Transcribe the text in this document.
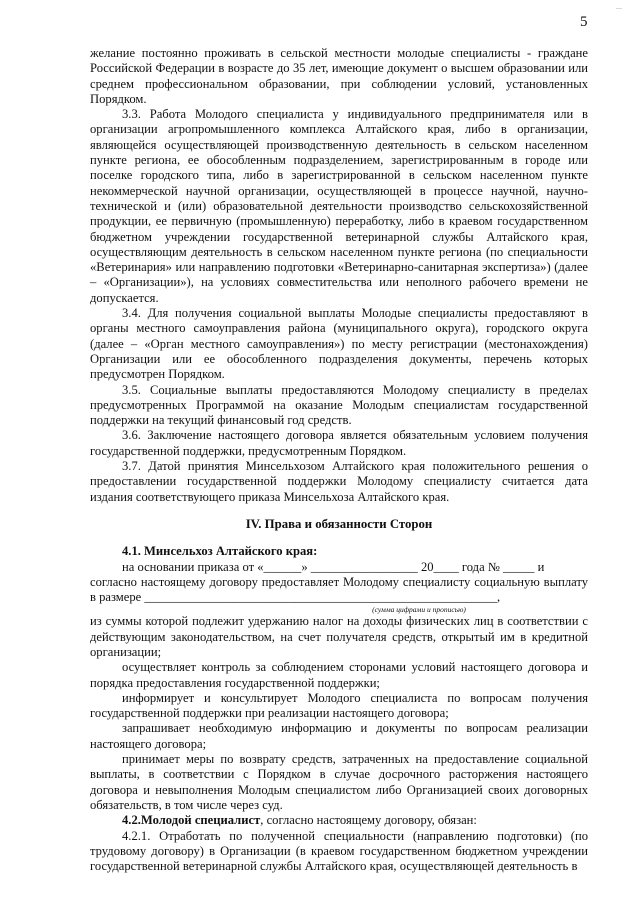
---
5

желание постоянно проживать в сельской местности молодые специалисты - граждане Российской Федерации в возрасте до 35 лет, имеющие документ о высшем образовании или среднем профессиональном образовании, при соблюдении условий, установленных Порядком.

3.3. Работа Молодого специалиста у индивидуального предпринимателя или в организации агропромышленного комплекса Алтайского края, либо в организации, являющейся осуществляющей производственную деятельность в сельском населенном пункте региона, ее обособленным подразделением, зарегистрированным в городе или поселке городского типа, либо в зарегистрированной в сельском населенном пункте некоммерческой научной организации, осуществляющей в процессе научной, научно-технической и (или) образовательной деятельности производство сельскохозяйственной продукции, ее первичную (промышленную) переработку, либо в краевом государственном бюджетном учреждении государственной ветеринарной службы Алтайского края, осуществляющим деятельность в сельском населенном пункте региона (по специальности «Ветеринария» или направлению подготовки «Ветеринарно-санитарная экспертиза») (далее – «Организации»), на условиях совместительства или неполного рабочего времени не допускается.

3.4. Для получения социальной выплаты Молодые специалисты предоставляют в органы местного самоуправления района (муниципального округа), городского округа (далее – «Орган местного самоуправления») по месту регистрации (местонахождения) Организации или ее обособленного подразделения документы, перечень которых предусмотрен Порядком.

3.5. Социальные выплаты предоставляются Молодому специалисту в пределах предусмотренных Программой на оказание Молодым специалистам государственной поддержки на текущий финансовый год средств.

3.6. Заключение настоящего договора является обязательным условием получения государственной поддержки, предусмотренным Порядком.

3.7. Датой принятия Минсельхозом Алтайского края положительного решения о предоставлении государственной поддержки Молодому специалисту считается дата издания соответствующего приказа Минсельхоза Алтайского края.

IV. Права и обязанности Сторон

4.1. Минсельхоз Алтайского края:

на основании приказа от «______» _________________ 20____ года № _____ и

согласно настоящему договору предоставляет Молодому специалисту социальную выплату в размере ________________________________________________________,

(сумма цифрами и прописью)

из суммы которой подлежит удержанию налог на доходы физических лиц в соответствии с действующим законодательством, на счет получателя средств, открытый им в кредитной организации;

осуществляет контроль за соблюдением сторонами условий настоящего договора и порядка предоставления государственной поддержки;

информирует и консультирует Молодого специалиста по вопросам получения государственной поддержки при реализации настоящего договора;

запрашивает необходимую информацию и документы по вопросам реализации настоящего договора;

принимает меры по возврату средств, затраченных на предоставление социальной выплаты, в соответствии с Порядком в случае досрочного расторжения настоящего договора и невыполнения Молодым специалистом либо Организацией своих договорных обязательств, в том числе через суд.

4.2.Молодой специалист, согласно настоящему договору, обязан:

4.2.1. Отработать по полученной специальности (направлению подготовки) (по трудовому договору) в Организации (в краевом государственном бюджетном учреждении государственной ветеринарной службы Алтайского края, осуществляющей деятельность в
